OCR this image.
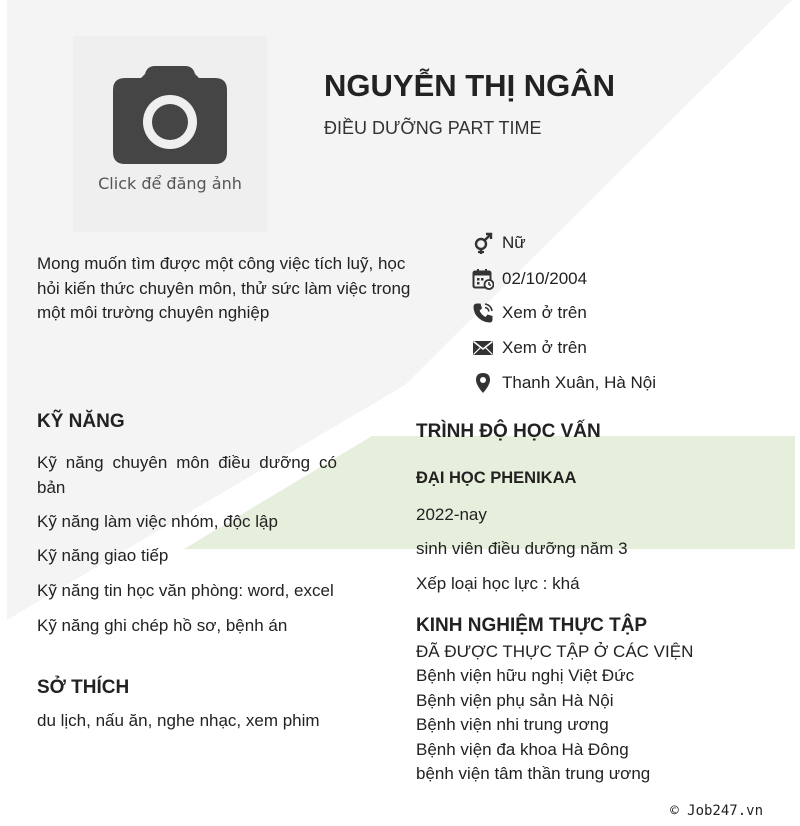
Click để đăng ảnh
NGUYỄN THỊ NGÂN
ĐIỀU DƯỠNG PART TIME
Mong muốn tìm được một công việc tích luỹ, học hỏi kiến thức chuyên môn, thử sức làm việc trong một môi trường chuyên nghiệp
Nữ
02/10/2004
Xem ở trên
Xem ở trên
Thanh Xuân, Hà Nội
KỸ NĂNG
Kỹ năng chuyên môn điều dưỡng có bản
Kỹ năng làm việc nhóm, độc lập
Kỹ năng giao tiếp
Kỹ năng tin học văn phòng: word, excel
Kỹ năng ghi chép hồ sơ, bệnh án
SỞ THÍCH
du lịch, nấu ăn, nghe nhạc, xem phim
TRÌNH ĐỘ HỌC VẤN
ĐẠI HỌC PHENIKAA
2022-nay
sinh viên điều dưỡng năm 3
Xếp loại học lực : khá
KINH NGHIỆM THỰC TẬP
ĐÃ ĐƯỢC THỰC TẬP Ở CÁC VIỆN
Bệnh viện hữu nghị Việt Đức
Bệnh viện phụ sản Hà Nội
Bệnh viện nhi trung ương
Bệnh viện đa khoa Hà Đông
bệnh viện tâm thần trung ương
© Job247.vn
